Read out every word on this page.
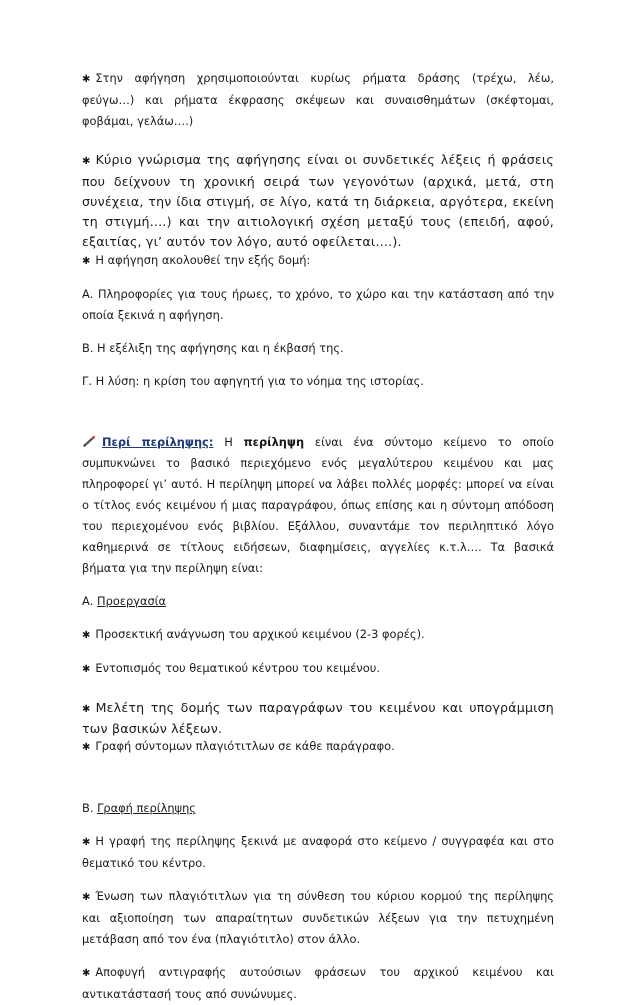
✱ Στην αφήγηση χρησιμοποιούνται κυρίως ρήματα δράσης (τρέχω, λέω, φεύγω…) και ρήματα έκφρασης σκέψεων και συναισθημάτων (σκέφτομαι, φοβάμαι, γελάω….)

✱ Κύριο γνώρισμα της αφήγησης είναι οι συνδετικές λέξεις ή φράσεις που δείχνουν τη χρονική σειρά των γεγονότων (αρχικά, μετά, στη συνέχεια, την ίδια στιγμή, σε λίγο, κατά τη διάρκεια, αργότερα, εκείνη τη στιγμή….) και την αιτιολογική σχέση μεταξύ τους (επειδή, αφού, εξαιτίας, γι’ αυτόν τον λόγο, αυτό οφείλεται….).

✱ Η αφήγηση ακολουθεί την εξής δομή:

Α. Πληροφορίες για τους ήρωες, το χρόνο, το χώρο και την κατάσταση από την οποία ξεκινά η αφήγηση.

Β. Η εξέλιξη της αφήγησης και η έκβασή της.

Γ. Η λύση: η κρίση του αφηγητή για το νόημα της ιστορίας.

Περί περίληψης: Η περίληψη είναι ένα σύντομο κείμενο το οποίο συμπυκνώνει το βασικό περιεχόμενο ενός μεγαλύτερου κειμένου και μας πληροφορεί γι’ αυτό. Η περίληψη μπορεί να λάβει πολλές μορφές: μπορεί να είναι ο τίτλος ενός κειμένου ή μιας παραγράφου, όπως επίσης και η σύντομη απόδοση του περιεχομένου ενός βιβλίου. Εξάλλου, συναντάμε τον περιληπτικό λόγο καθημερινά σε τίτλους ειδήσεων, διαφημίσεις, αγγελίες κ.τ.λ…. Τα βασικά βήματα για την περίληψη είναι:

Α. Προεργασία

✱ Προσεκτική ανάγνωση του αρχικού κειμένου (2-3 φορές).

✱ Εντοπισμός του θεματικού κέντρου του κειμένου.

✱ Μελέτη της δομής των παραγράφων του κειμένου και υπογράμμιση των βασικών λέξεων.

✱ Γραφή σύντομων πλαγιότιτλων σε κάθε παράγραφο.

Β. Γραφή περίληψης

✱ Η γραφή της περίληψης ξεκινά με αναφορά στο κείμενο / συγγραφέα και στο θεματικό του κέντρο.

✱ Ένωση των πλαγιότιτλων για τη σύνθεση του κύριου κορμού της περίληψης και αξιοποίηση των απαραίτητων συνδετικών λέξεων για την πετυχημένη μετάβαση από τον ένα (πλαγιότιτλο) στον άλλο.

✱ Αποφυγή αντιγραφής αυτούσιων φράσεων του αρχικού κειμένου και αντικατάστασή τους από συνώνυμες.
